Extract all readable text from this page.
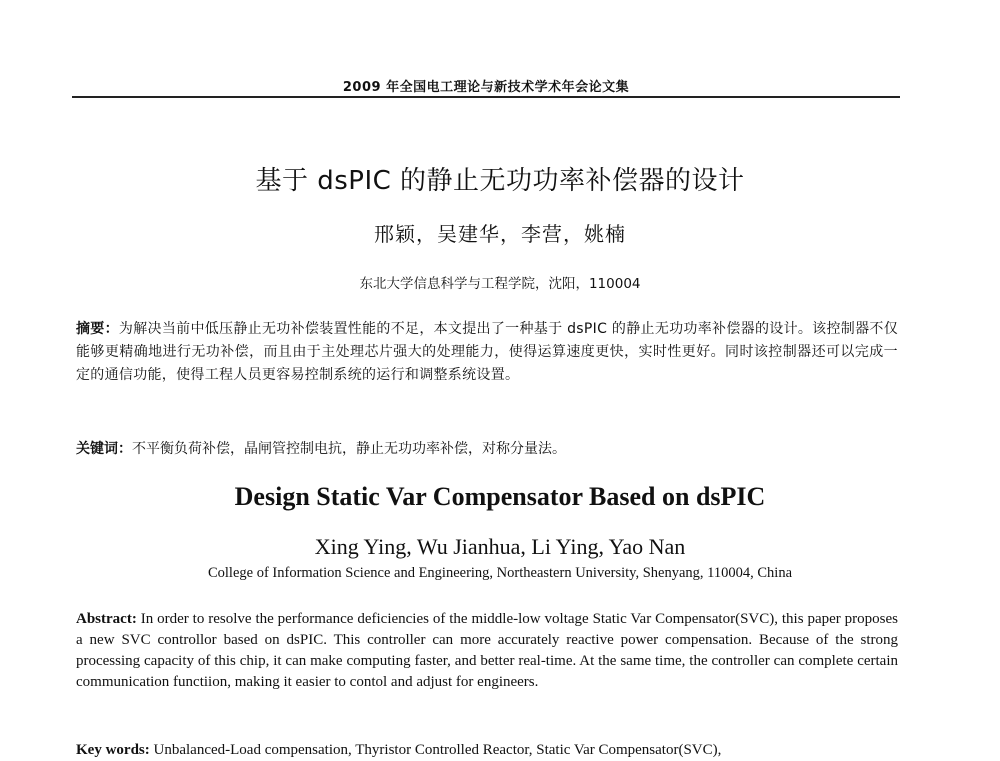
2009 年全国电工理论与新技术学术年会论文集
基于 dsPIC 的静止无功功率补偿器的设计
邢颖，吴建华，李营，姚楠
东北大学信息科学与工程学院，沈阳，110004
摘要：为解决当前中低压静止无功补偿装置性能的不足，本文提出了一种基于 dsPIC 的静止无功功率补偿器的设计。该控制器不仅能够更精确地进行无功补偿，而且由于主处理芯片强大的处理能力，使得运算速度更快，实时性更好。同时该控制器还可以完成一定的通信功能，使得工程人员更容易控制系统的运行和调整系统设置。
关键词：不平衡负荷补偿，晶闸管控制电抗，静止无功功率补偿，对称分量法。
Design Static Var Compensator Based on dsPIC
Xing Ying, Wu Jianhua, Li Ying, Yao Nan
College of Information Science and Engineering, Northeastern University, Shenyang, 110004, China
Abstract: In order to resolve the performance deficiencies of the middle-low voltage Static Var Compensator(SVC), this paper proposes a new SVC controllor based on dsPIC. This controller can more accurately reactive power compensation. Because of the strong processing capacity of this chip, it can make computing faster, and better real-time. At the same time, the controller can complete certain communication functiion, making it easier to contol and adjust for engineers.
Key words: Unbalanced-Load compensation, Thyristor Controlled Reactor, Static Var Compensator(SVC),
